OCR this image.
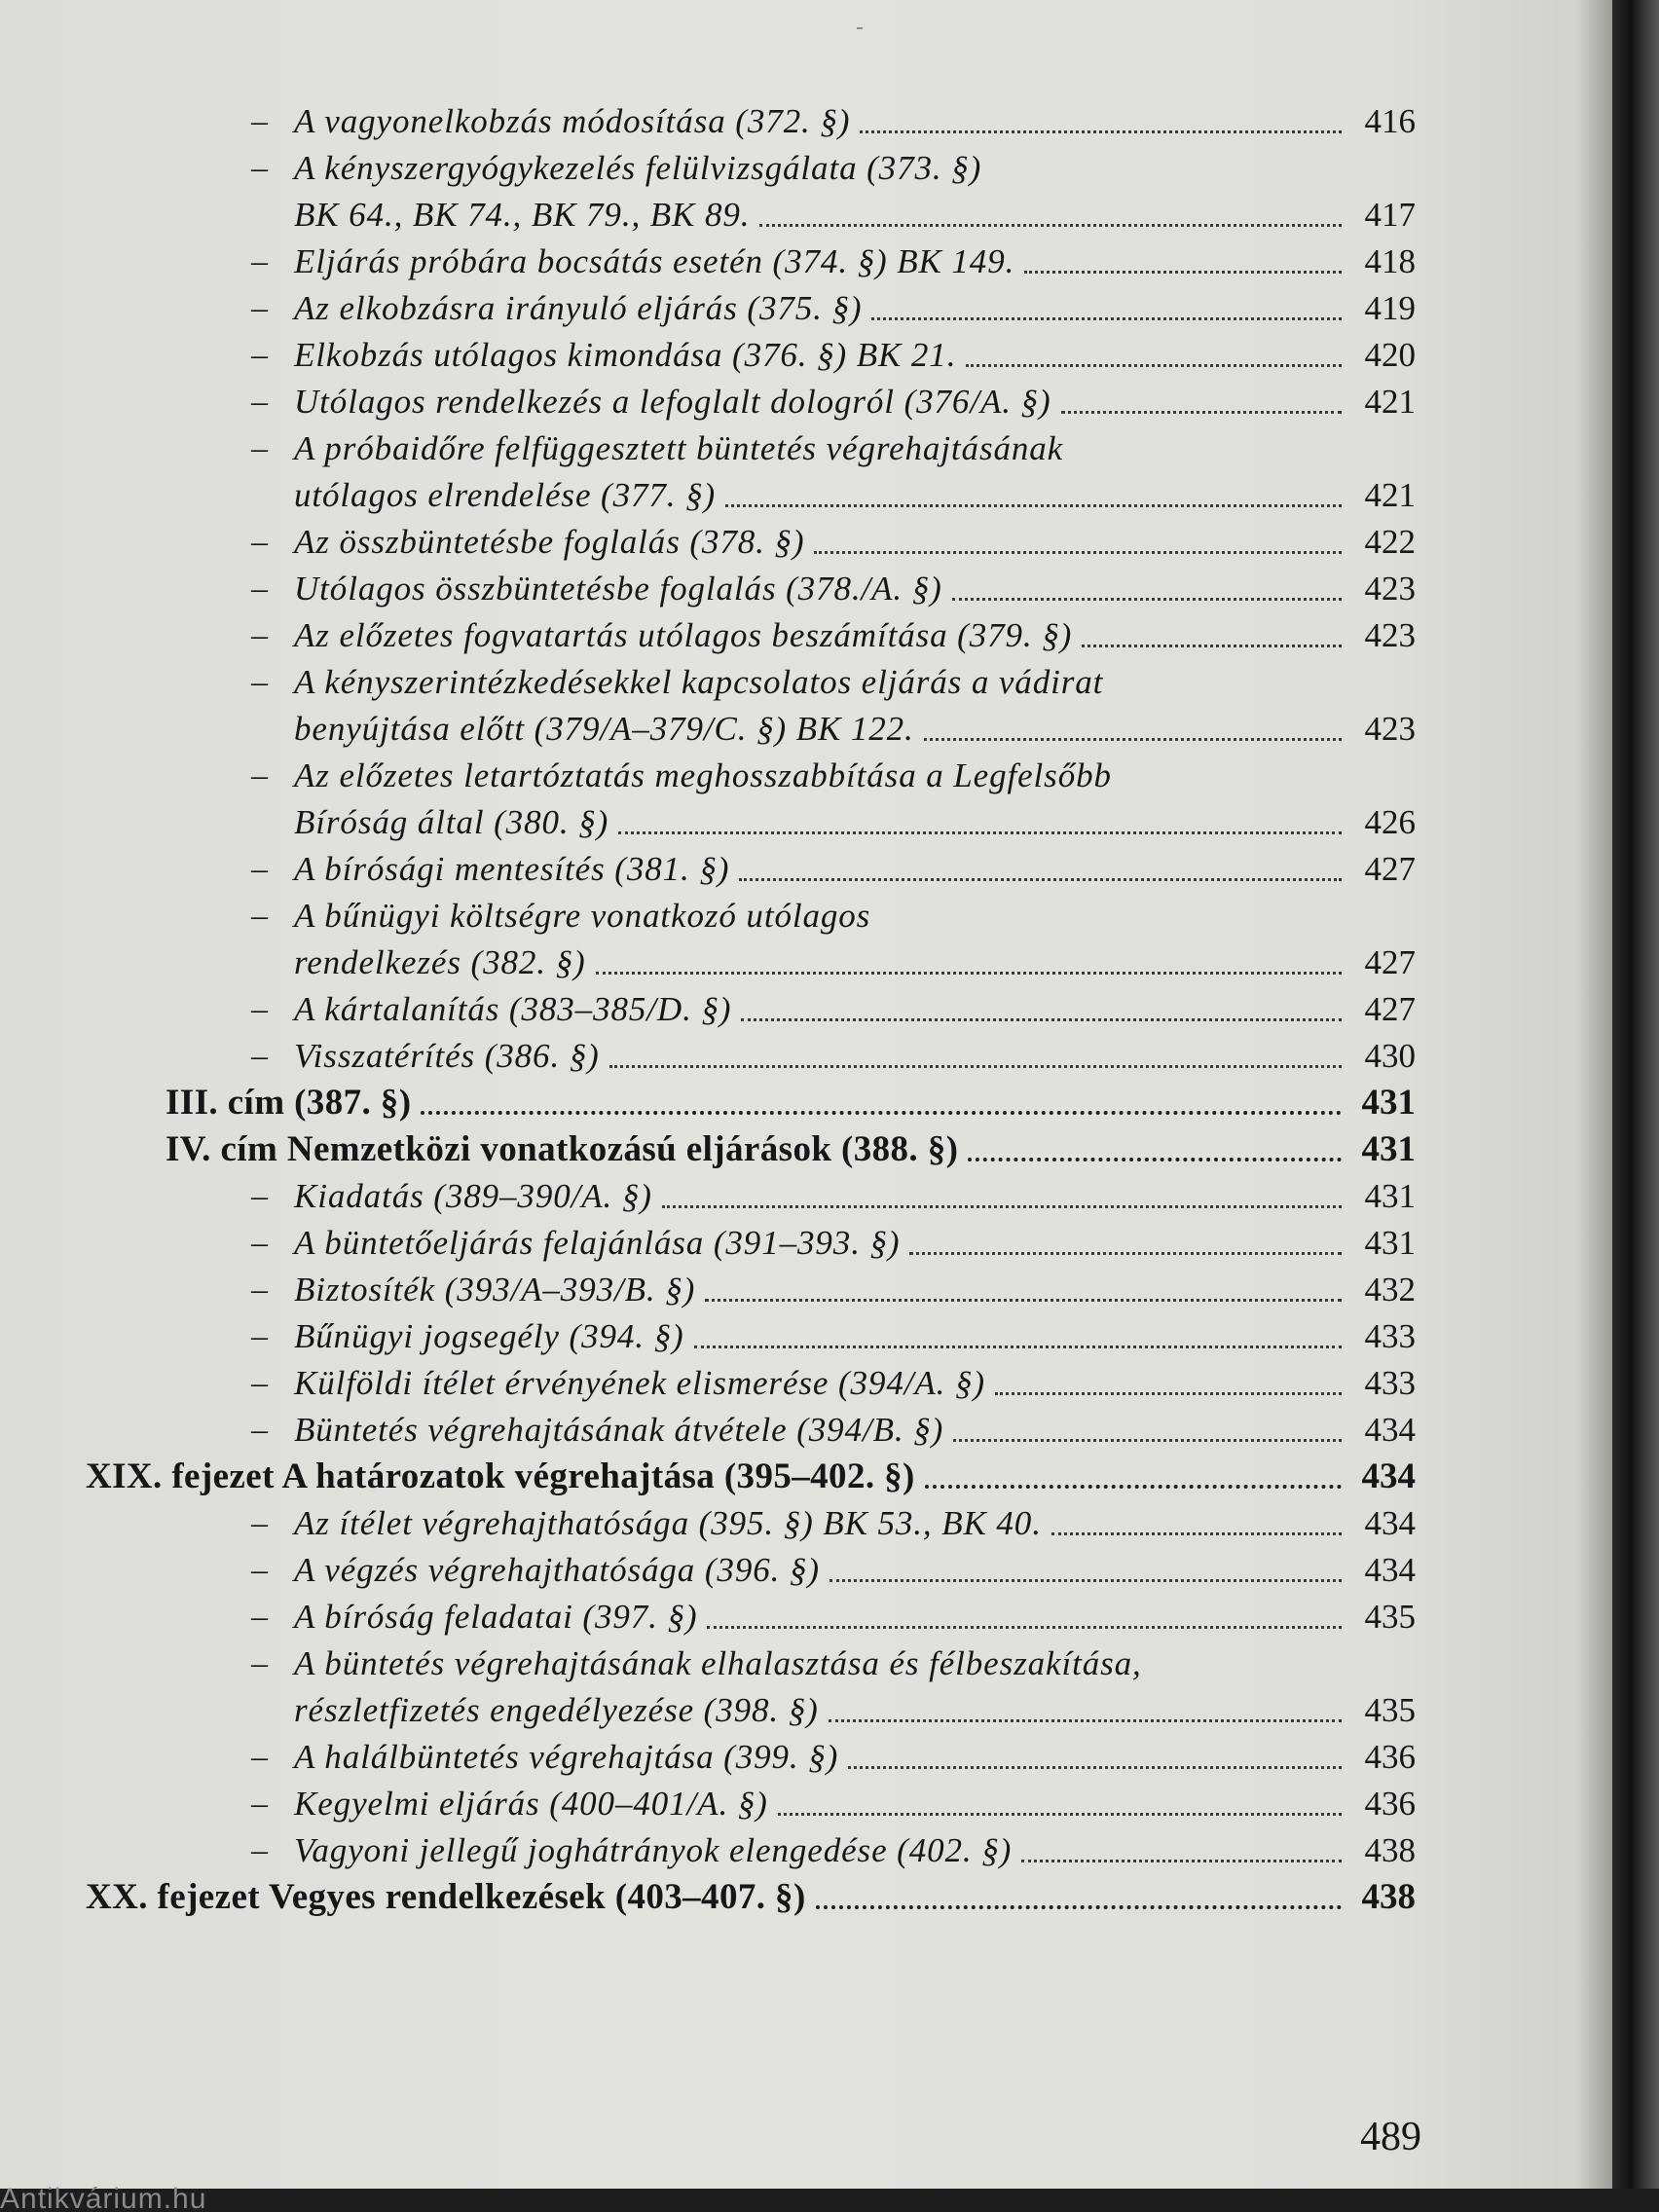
– A vagyonelkobzás módosítása (372. §)	416
– A kényszergyógykezelés felülvizsgálata (373. §)
BK 64., BK 74., BK 79., BK 89.	417
– Eljárás próbára bocsátás esetén (374. §) BK 149.	418
– Az elkobzásra irányuló eljárás (375. §)	419
– Elkobzás utólagos kimondása (376. §) BK 21.	420
– Utólagos rendelkezés a lefoglalt dologról (376/A. §)	421
– A próbaidőre felfüggesztett büntetés végrehajtásának
utólagos elrendelése (377. §)	421
– Az összbüntetésbe foglalás (378. §)	422
– Utólagos összbüntetésbe foglalás (378./A. §)	423
– Az előzetes fogvatartás utólagos beszámítása (379. §)	423
– A kényszerintézkedésekkel kapcsolatos eljárás a vádirat
benyújtása előtt (379/A–379/C. §) BK 122.	423
– Az előzetes letartóztatás meghosszabbítása a Legfelsőbb
Bíróság által (380. §)	426
– A bírósági mentesítés (381. §)	427
– A bűnügyi költségre vonatkozó utólagos
rendelkezés (382. §)	427
– A kártalanítás (383–385/D. §)	427
– Visszatérítés (386. §)	430
III. cím (387. §)	431
IV. cím Nemzetközi vonatkozású eljárások (388. §)	431
– Kiadatás (389–390/A. §)	431
– A büntetőeljárás felajánlása (391–393. §)	431
– Biztosíték (393/A–393/B. §)	432
– Bűnügyi jogsegély (394. §)	433
– Külföldi ítélet érvényének elismerése (394/A. §)	433
– Büntetés végrehajtásának átvétele (394/B. §)	434
XIX. fejezet A határozatok végrehajtása (395–402. §)	434
– Az ítélet végrehajthatósága (395. §) BK 53., BK 40.	434
– A végzés végrehajthatósága (396. §)	434
– A bíróság feladatai (397. §)	435
– A büntetés végrehajtásának elhalasztása és félbeszakítása,
részletfizetés engedélyezése (398. §)	435
– A halálbüntetés végrehajtása (399. §)	436
– Kegyelmi eljárás (400–401/A. §)	436
– Vagyoni jellegű joghátrányok elengedése (402. §)	438
XX. fejezet Vegyes rendelkezések (403–407. §)	438
489
Antikvárium.hu
